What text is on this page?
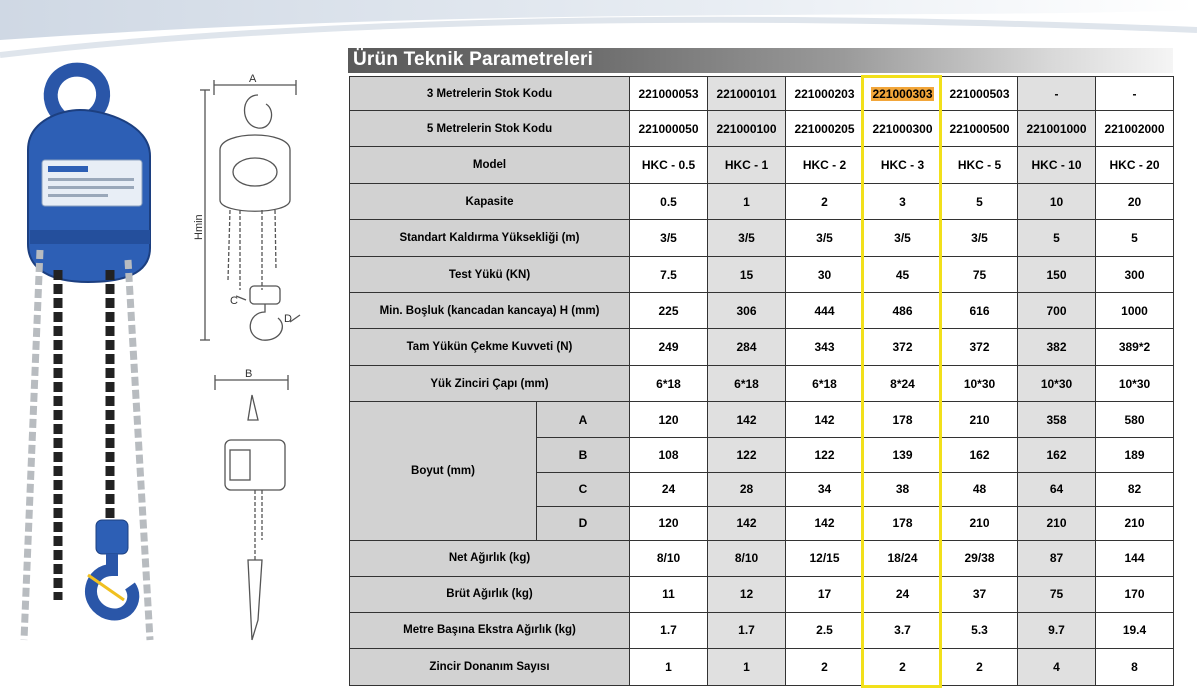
A
Hmin
C
D
B
Ürün Teknik Parametreleri
3 Metrelerin Stok Kodu		221000053	221000101	221000203	221000303	221000503	-	-
5 Metrelerin Stok Kodu		221000050	221000100	221000205	221000300	221000500	221001000	221002000
Model		HKC - 0.5	HKC - 1	HKC - 2	HKC - 3	HKC - 5	HKC - 10	HKC - 20
Kapasite		0.5	1	2	3	5	10	20
Standart Kaldırma Yüksekliği (m)		3/5	3/5	3/5	3/5	3/5	5	5
Test Yükü (KN)		7.5	15	30	45	75	150	300
Min. Boşluk (kancadan kancaya) H (mm)		225	306	444	486	616	700	1000
Tam Yükün Çekme Kuvveti (N)		249	284	343	372	372	382	389*2
Yük Zinciri Çapı (mm)		6*18	6*18	6*18	8*24	10*30	10*30	10*30
Boyut (mm)	A	120	142	142	178	210	358	580
	B	108	122	122	139	162	162	189
	C	24	28	34	38	48	64	82
	D	120	142	142	178	210	210	210
Net Ağırlık (kg)		8/10	8/10	12/15	18/24	29/38	87	144
Brüt Ağırlık (kg)		11	12	17	24	37	75	170
Metre Başına Ekstra Ağırlık (kg)		1.7	1.7	2.5	3.7	5.3	9.7	19.4
Zincir Donanım Sayısı		1	1	2	2	2	4	8
